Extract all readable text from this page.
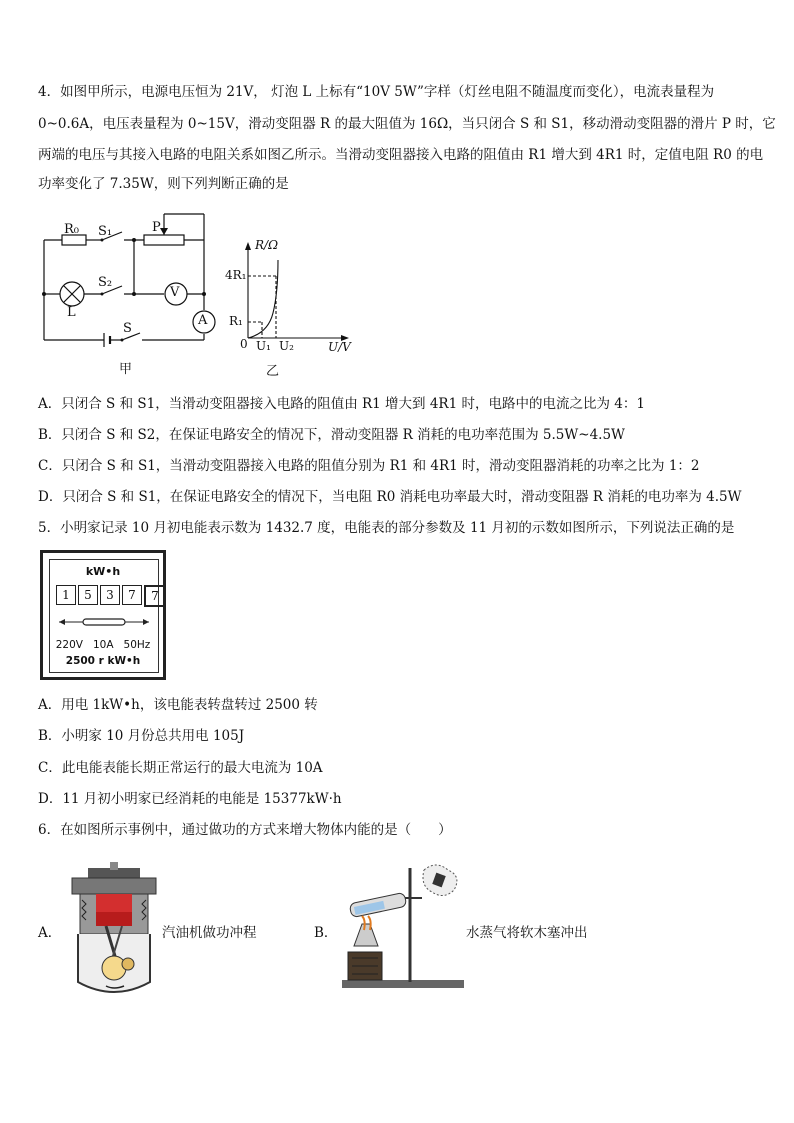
4．如图甲所示，电源电压恒为 21V， 灯泡 L 上标有“10V 5W”字样（灯丝电阻不随温度而变化），电流表量程为
0~0.6A，电压表量程为 0~15V，滑动变阻器 R 的最大阻值为 16Ω，当只闭合 S 和 S1，移动滑动变阻器的滑片 P 时，它
两端的电压与其接入电路的电阻关系如图乙所示。当滑动变阻器接入电路的阻值由 R1 增大到 4R1 时，定值电阻 R0 的电
功率变化了 7.35W，则下列判断正确的是
R₀ S₁	P
S₂
V
A
L
S
甲
R/Ω
4R₁
R₁
0 U₁ U₂	U/V
乙
A．只闭合 S 和 S1，当滑动变阻器接入电路的阻值由 R1 增大到 4R1 时，电路中的电流之比为 4：1
B．只闭合 S 和 S2，在保证电路安全的情况下，滑动变阻器 R 消耗的电功率范围为 5.5W~4.5W
C．只闭合 S 和 S1，当滑动变阻器接入电路的阻值分别为 R1 和 4R1 时，滑动变阻器消耗的功率之比为 1：2
D．只闭合 S 和 S1，在保证电路安全的情况下，当电阻 R0 消耗电功率最大时，滑动变阻器 R 消耗的电功率为 4.5W
5．小明家记录 10 月初电能表示数为 1432.7 度，电能表的部分参数及 11 月初的示数如图所示，下列说法正确的是
kW•h
1	5	3	7	7
220V   10A   50Hz
2500 r kW•h
A．用电 1kW•h，该电能表转盘转过 2500 转
B．小明家 10 月份总共用电 105J
C．此电能表能长期正常运行的最大电流为 10A
D．11 月初小明家已经消耗的电能是 15377kW·h
6．在如图所示事例中，通过做功的方式来增大物体内能的是（　　）
A．	汽油机做功冲程	B．	水蒸气将软木塞冲出
